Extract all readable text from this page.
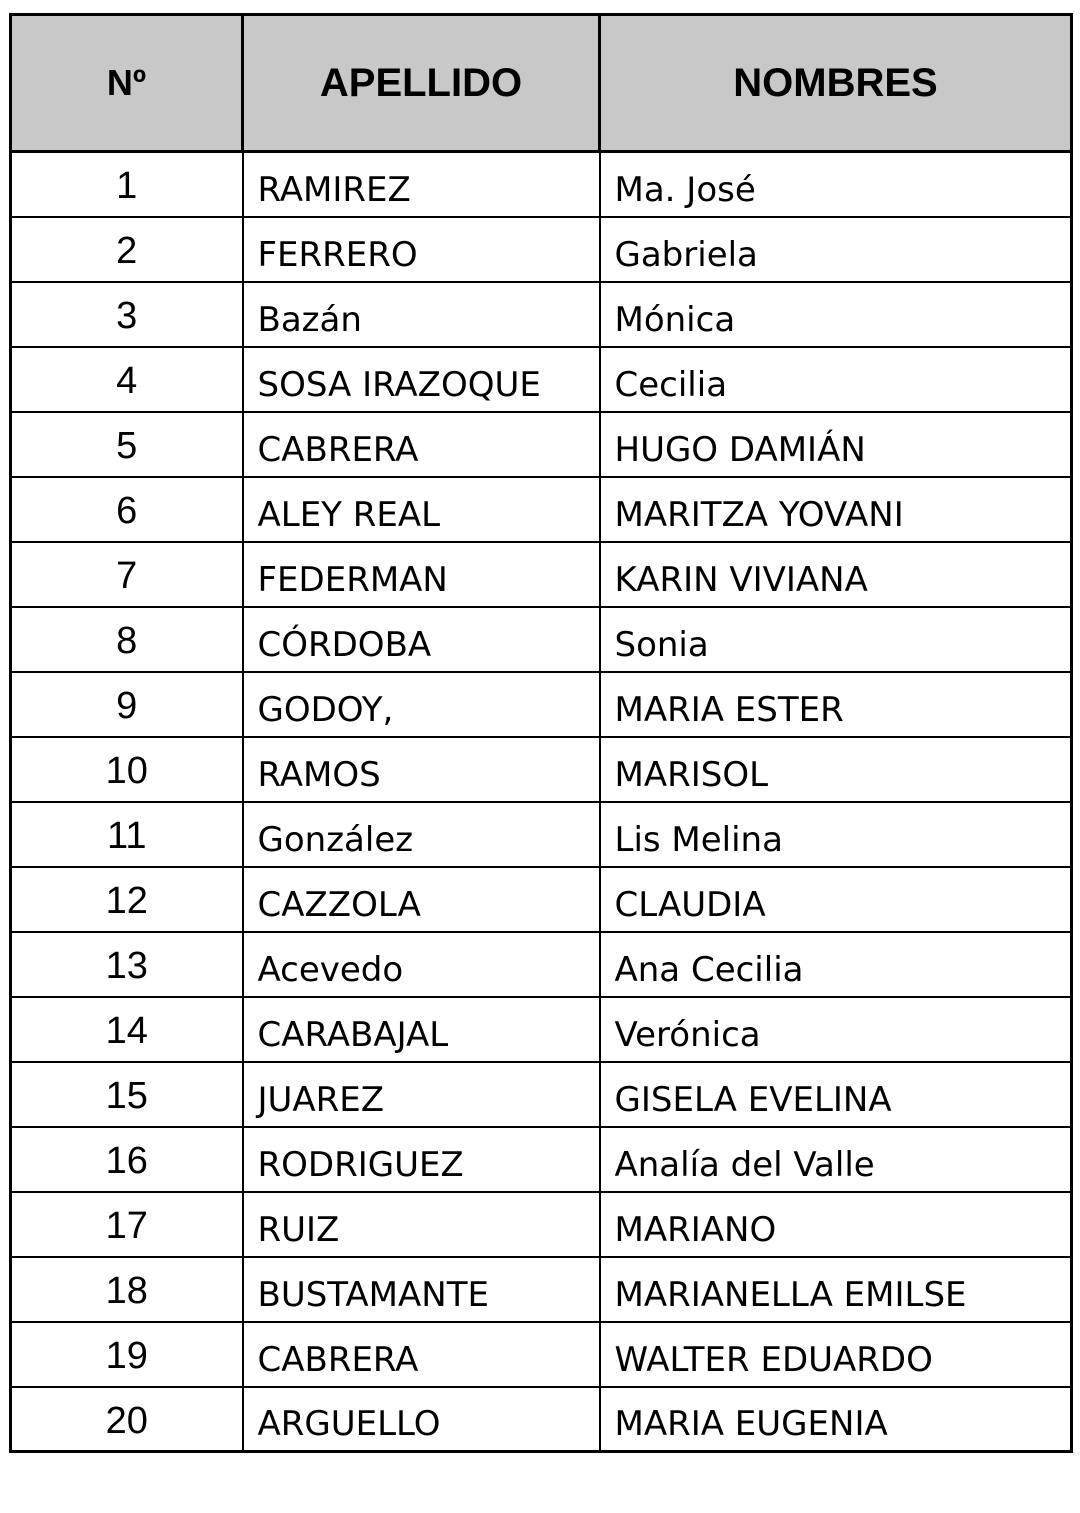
Nº	APELLIDO	NOMBRES
1	RAMIREZ	Ma. José
2	FERRERO	Gabriela
3	Bazán	Mónica
4	SOSA IRAZOQUE	Cecilia
5	CABRERA	HUGO DAMIÁN
6	ALEY REAL	MARITZA YOVANI
7	FEDERMAN	KARIN VIVIANA
8	CÓRDOBA	Sonia
9	GODOY,	MARIA ESTER
10	RAMOS	MARISOL
11	González	Lis Melina
12	CAZZOLA	CLAUDIA
13	Acevedo	Ana Cecilia
14	CARABAJAL	Verónica
15	JUAREZ	GISELA EVELINA
16	RODRIGUEZ	Analía del Valle
17	RUIZ	MARIANO
18	BUSTAMANTE	MARIANELLA EMILSE
19	CABRERA	WALTER EDUARDO
20	ARGUELLO	MARIA EUGENIA
